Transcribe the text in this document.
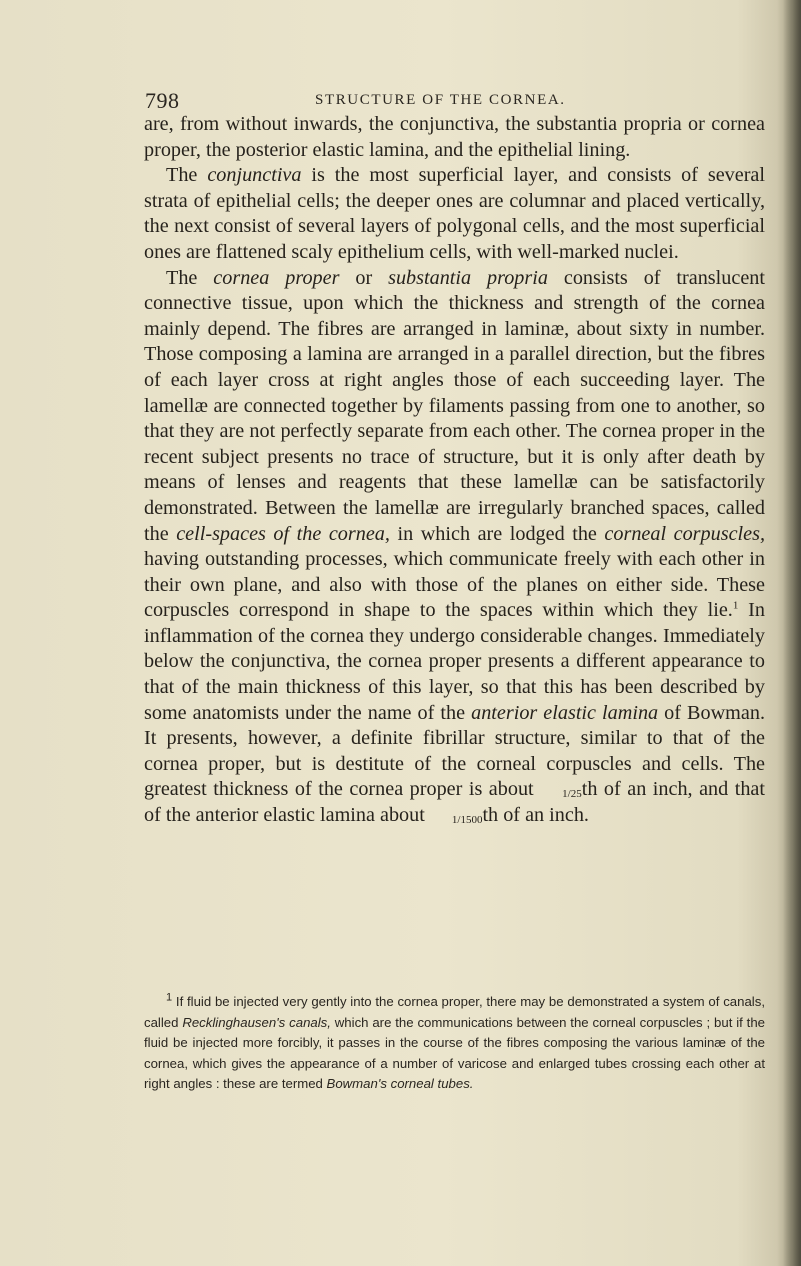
798	STRUCTURE OF THE CORNEA.

are, from without inwards, the conjunctiva, the substantia propria or cornea proper, the posterior elastic lamina, and the epithelial lining.

The conjunctiva is the most superficial layer, and consists of several strata of epithelial cells; the deeper ones are columnar and placed vertically, the next consist of several layers of polygonal cells, and the most superficial ones are flattened scaly epithelium cells, with well-marked nuclei.

The cornea proper or substantia propria consists of translucent connective tissue, upon which the thickness and strength of the cornea mainly depend. The fibres are arranged in laminæ, about sixty in number. Those composing a lamina are arranged in a parallel direction, but the fibres of each layer cross at right angles those of each succeeding layer. The lamellæ are connected together by filaments passing from one to another, so that they are not perfectly separate from each other. The cornea proper in the recent subject presents no trace of structure, but it is only after death by means of lenses and reagents that these lamellæ can be satisfactorily demonstrated. Between the lamellæ are irregularly branched spaces, called the cell-spaces of the cornea, in which are lodged the corneal corpuscles, having outstanding processes, which communicate freely with each other in their own plane, and also with those of the planes on either side. These corpuscles correspond in shape to the spaces within which they lie.$^1$ In inflammation of the cornea they undergo considerable changes. Immediately below the conjunctiva, the cornea proper presents a different appearance to that of the main thickness of this layer, so that this has been described by some anatomists under the name of the anterior elastic lamina of Bowman. It presents, however, a definite fibrillar structure, similar to that of the cornea proper, but is destitute of the corneal corpuscles and cells. The greatest thickness of the cornea proper is about 1/25th of an inch, and that of the anterior elastic lamina about 1/1500th of an inch.

$^1$ If fluid be injected very gently into the cornea proper, there may be demonstrated a system of canals, called Recklinghausen's canals, which are the communications between the corneal corpuscles ; but if the fluid be injected more forcibly, it passes in the course of the fibres composing the various laminæ of the cornea, which gives the appearance of a number of varicose and enlarged tubes crossing each other at right angles : these are termed Bowman's corneal tubes.
